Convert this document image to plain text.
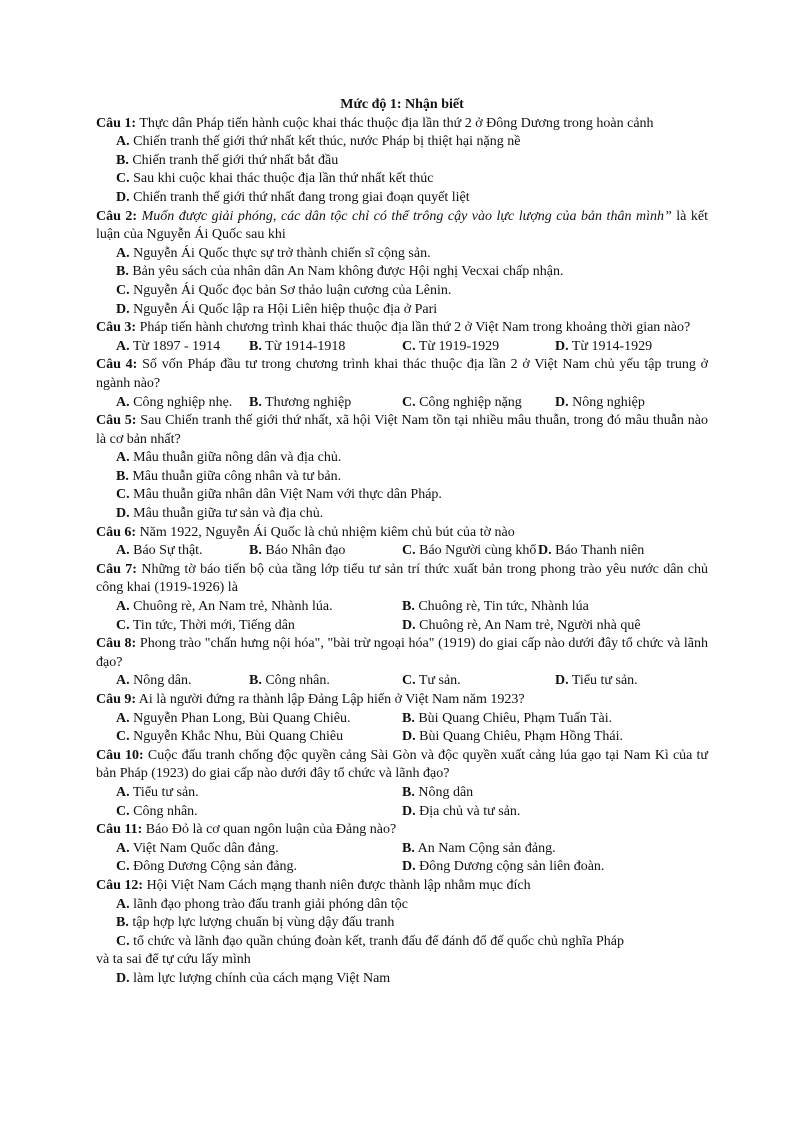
Mức độ 1: Nhận biết
Câu 1: Thực dân Pháp tiến hành cuộc khai thác thuộc địa lần thứ 2 ở Đông Dương trong hoàn cảnh
A. Chiến tranh thế giới thứ nhất kết thúc, nước Pháp bị thiệt hại nặng nề
B. Chiến tranh thế giới thứ nhất bắt đầu
C. Sau khi cuộc khai thác thuộc địa lần thứ nhất kết thúc
D. Chiến tranh thế giới thứ nhất đang trong giai đoạn quyết liệt
Câu 2: Muốn được giải phóng, các dân tộc chỉ có thể trông cậy vào lực lượng của bản thân mình” là kết luận của Nguyễn Ái Quốc sau khi
A. Nguyễn Ái Quốc thực sự trở thành chiến sĩ cộng sản.
B. Bản yêu sách của nhân dân An Nam không được Hội nghị Vecxai chấp nhận.
C. Nguyễn Ái Quốc đọc bản Sơ thảo luận cương của Lênin.
D. Nguyễn Ái Quốc lập ra Hội Liên hiệp thuộc địa ở Pari
Câu 3: Pháp tiến hành chương trình khai thác thuộc địa lần thứ 2 ở Việt Nam trong khoảng thời gian nào?
A. Từ 1897 - 1914	B. Từ 1914-1918	C. Từ 1919-1929	D. Từ 1914-1929
Câu 4: Số vốn Pháp đầu tư trong chương trình khai thác thuộc địa lần 2 ở Việt Nam chủ yếu tập trung ở ngành nào?
A. Công nghiệp nhẹ.	B. Thương nghiệp	C. Công nghiệp nặng	D. Nông nghiệp
Câu 5: Sau Chiến tranh thế giới thứ nhất, xã hội Việt Nam tồn tại nhiều mâu thuẫn, trong đó mâu thuẫn nào là cơ bản nhất?
A. Mâu thuẫn giữa nông dân và địa chủ.
B. Mâu thuẫn giữa công nhân và tư bản.
C. Mâu thuẫn giữa nhân dân Việt Nam với thực dân Pháp.
D. Mâu thuẫn giữa tư sản và địa chủ.
Câu 6: Năm 1922, Nguyễn Ái Quốc là chủ nhiệm kiêm chủ bút của tờ nào
A. Báo Sự thật.	B. Báo Nhân đạo	C. Báo Người cùng khổ D. Báo Thanh niên
Câu 7: Những tờ báo tiến bộ của tầng lớp tiểu tư sản trí thức xuất bản trong phong trào yêu nước dân chủ công khai (1919-1926) là
A. Chuông rè, An Nam trẻ, Nhành lúa.	B. Chuông rè, Tin tức, Nhành lúa
C. Tin tức, Thời mới, Tiếng dân	D. Chuông rè, An Nam trẻ, Người nhà quê
Câu 8: Phong trào "chấn hưng nội hóa", "bài trừ ngoại hóa" (1919) do giai cấp nào dưới đây tổ chức và lãnh đạo?
A. Nông dân.	B. Công nhân.	C. Tư sản.	D. Tiểu tư sản.
Câu 9: Ai là người đứng ra thành lập Đảng Lập hiến ở Việt Nam năm 1923?
A. Nguyễn Phan Long, Bùi Quang Chiêu.	B. Bùi Quang Chiêu, Phạm Tuấn Tài.
C. Nguyễn Khắc Nhu, Bùi Quang Chiêu	D. Bùi Quang Chiêu, Phạm Hồng Thái.
Câu 10: Cuộc đấu tranh chống độc quyền cảng Sài Gòn và độc quyền xuất cảng lúa gạo tại Nam Kì của tư bản Pháp (1923) do giai cấp nào dưới đây tổ chức và lãnh đạo?
A. Tiểu tư sản.	B. Nông dân
C. Công nhân.	D. Địa chủ và tư sản.
Câu 11: Báo Đỏ là cơ quan ngôn luận của Đảng nào?
A. Việt Nam Quốc dân đảng.	B. An Nam Cộng sản đảng.
C. Đông Dương Cộng sản đảng.	D. Đông Dương cộng sản liên đoàn.
Câu 12: Hội Việt Nam Cách mạng thanh niên được thành lập nhằm mục đích
A. lãnh đạo phong trào đấu tranh giải phóng dân tộc
B. tập hợp lực lượng chuẩn bị vùng dậy đấu tranh
C. tổ chức và lãnh đạo quần chúng đoàn kết, tranh đấu để đánh đổ đế quốc chủ nghĩa Pháp
và ta sai để tự cứu lấy mình
D. làm lực lượng chính của cách mạng Việt Nam
